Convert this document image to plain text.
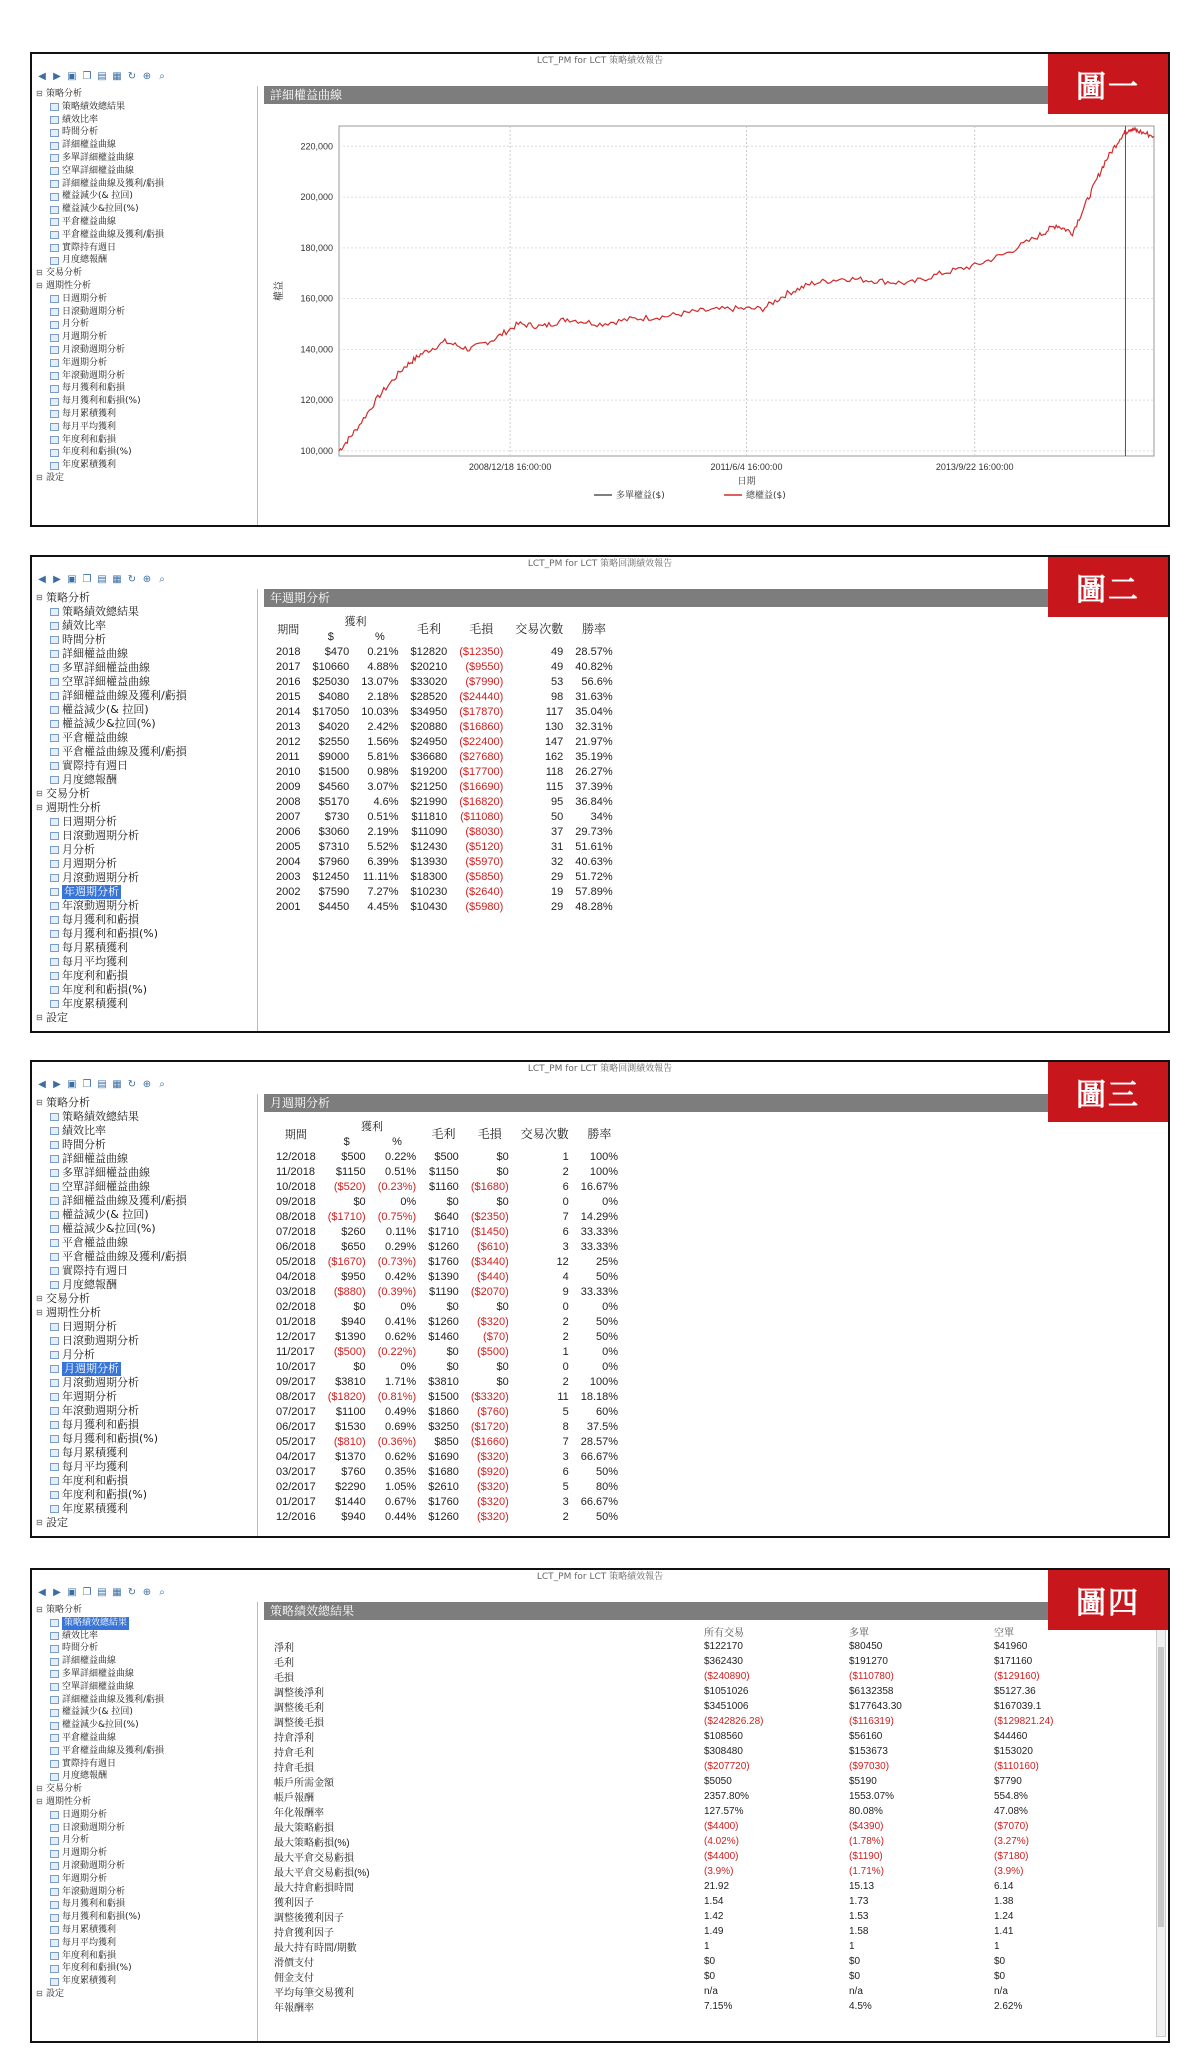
LCT_PM for LCT 策略績效報告
圖一
◀ ▶ ▣ ❐ ▤ ▦ ↻ ⊕ ⌕
⊟ 策略分析
策略績效總結果
績效比率
時間分析
詳細權益曲線
多單詳細權益曲線
空單詳細權益曲線
詳細權益曲線及獲利/虧損
權益減少(& 拉回)
權益減少&拉回(%)
平倉權益曲線
平倉權益曲線及獲利/虧損
實際持有週日
月度總報酬
⊟ 交易分析
⊟ 週期性分析
日週期分析
日滾動週期分析
月分析
月週期分析
月滾動週期分析
年週期分析
年滾動週期分析
每月獲利和虧損
每月獲利和虧損(%)
每月累積獲利
每月平均獲利
年度利和虧損
年度利和虧損(%)
年度累積獲利
⊟ 設定
詳細權益曲線
100,000
120,000
140,000
160,000
180,000
200,000
220,000
2008/12/18 16:00:00	2011/6/4 16:00:00	2013/9/22 16:00:00
權益
日期
多單權益($)	總權益($)
LCT_PM for LCT 策略回測績效報告
圖二
◀ ▶ ▣ ❐ ▤ ▦ ↻ ⊕ ⌕
⊟ 策略分析
策略績效總結果
績效比率
時間分析
詳細權益曲線
多單詳細權益曲線
空單詳細權益曲線
詳細權益曲線及獲利/虧損
權益減少(& 拉回)
權益減少&拉回(%)
平倉權益曲線
平倉權益曲線及獲利/虧損
實際持有週日
月度總報酬
⊟ 交易分析
⊟ 週期性分析
日週期分析
日滾動週期分析
月分析
月週期分析
月滾動週期分析
年週期分析
年滾動週期分析
每月獲利和虧損
每月獲利和虧損(%)
每月累積獲利
每月平均獲利
年度利和虧損
年度利和虧損(%)
年度累積獲利
⊟ 設定
年週期分析
期間	獲利		毛利	毛損	交易次數	勝率
	$	%				
2018	$470	0.21%	$12820	($12350)	49	28.57%
2017	$10660	4.88%	$20210	($9550)	49	40.82%
2016	$25030	13.07%	$33020	($7990)	53	56.6%
2015	$4080	2.18%	$28520	($24440)	98	31.63%
2014	$17050	10.03%	$34950	($17870)	117	35.04%
2013	$4020	2.42%	$20880	($16860)	130	32.31%
2012	$2550	1.56%	$24950	($22400)	147	21.97%
2011	$9000	5.81%	$36680	($27680)	162	35.19%
2010	$1500	0.98%	$19200	($17700)	118	26.27%
2009	$4560	3.07%	$21250	($16690)	115	37.39%
2008	$5170	4.6%	$21990	($16820)	95	36.84%
2007	$730	0.51%	$11810	($11080)	50	34%
2006	$3060	2.19%	$11090	($8030)	37	29.73%
2005	$7310	5.52%	$12430	($5120)	31	51.61%
2004	$7960	6.39%	$13930	($5970)	32	40.63%
2003	$12450	11.11%	$18300	($5850)	29	51.72%
2002	$7590	7.27%	$10230	($2640)	19	57.89%
2001	$4450	4.45%	$10430	($5980)	29	48.28%
LCT_PM for LCT 策略回測績效報告
圖三
◀ ▶ ▣ ❐ ▤ ▦ ↻ ⊕ ⌕
⊟ 策略分析
策略績效總結果
績效比率
時間分析
詳細權益曲線
多單詳細權益曲線
空單詳細權益曲線
詳細權益曲線及獲利/虧損
權益減少(& 拉回)
權益減少&拉回(%)
平倉權益曲線
平倉權益曲線及獲利/虧損
實際持有週日
月度總報酬
⊟ 交易分析
⊟ 週期性分析
日週期分析
日滾動週期分析
月分析
月週期分析
月滾動週期分析
年週期分析
年滾動週期分析
每月獲利和虧損
每月獲利和虧損(%)
每月累積獲利
每月平均獲利
年度利和虧損
年度利和虧損(%)
年度累積獲利
⊟ 設定
月週期分析
期間	獲利		毛利	毛損	交易次數	勝率
	$	%				
12/2018	$500	0.22%	$500	$0	1	100%
11/2018	$1150	0.51%	$1150	$0	2	100%
10/2018	($520)	(0.23%)	$1160	($1680)	6	16.67%
09/2018	$0	0%	$0	$0	0	0%
08/2018	($1710)	(0.75%)	$640	($2350)	7	14.29%
07/2018	$260	0.11%	$1710	($1450)	6	33.33%
06/2018	$650	0.29%	$1260	($610)	3	33.33%
05/2018	($1670)	(0.73%)	$1760	($3440)	12	25%
04/2018	$950	0.42%	$1390	($440)	4	50%
03/2018	($880)	(0.39%)	$1190	($2070)	9	33.33%
02/2018	$0	0%	$0	$0	0	0%
01/2018	$940	0.41%	$1260	($320)	2	50%
12/2017	$1390	0.62%	$1460	($70)	2	50%
11/2017	($500)	(0.22%)	$0	($500)	1	0%
10/2017	$0	0%	$0	$0	0	0%
09/2017	$3810	1.71%	$3810	$0	2	100%
08/2017	($1820)	(0.81%)	$1500	($3320)	11	18.18%
07/2017	$1100	0.49%	$1860	($760)	5	60%
06/2017	$1530	0.69%	$3250	($1720)	8	37.5%
05/2017	($810)	(0.36%)	$850	($1660)	7	28.57%
04/2017	$1370	0.62%	$1690	($320)	3	66.67%
03/2017	$760	0.35%	$1680	($920)	6	50%
02/2017	$2290	1.05%	$2610	($320)	5	80%
01/2017	$1440	0.67%	$1760	($320)	3	66.67%
12/2016	$940	0.44%	$1260	($320)	2	50%
LCT_PM for LCT 策略績效報告
圖四
◀ ▶ ▣ ❐ ▤ ▦ ↻ ⊕ ⌕
⊟ 策略分析
策略績效總結果
績效比率
時間分析
詳細權益曲線
多單詳細權益曲線
空單詳細權益曲線
詳細權益曲線及獲利/虧損
權益減少(& 拉回)
權益減少&拉回(%)
平倉權益曲線
平倉權益曲線及獲利/虧損
實際持有週日
月度總報酬
⊟ 交易分析
⊟ 週期性分析
日週期分析
日滾動週期分析
月分析
月週期分析
月滾動週期分析
年週期分析
年滾動週期分析
每月獲利和虧損
每月獲利和虧損(%)
每月累積獲利
每月平均獲利
年度利和虧損
年度利和虧損(%)
年度累積獲利
⊟ 設定
策略績效總結果
	所有交易	多單	空單
淨利	$122170	$80450	$41960
毛利	$362430	$191270	$171160
毛損	($240890)	($110780)	($129160)
調整後淨利	$1051026	$6132358	$5127.36
調整後毛利	$3451006	$177643.30	$167039.1
調整後毛損	($242826.28)	($116319)	($129821.24)
持倉淨利	$108560	$56160	$44460
持倉毛利	$308480	$153673	$153020
持倉毛損	($207720)	($97030)	($110160)
帳戶所需金額	$5050	$5190	$7790
帳戶報酬	2357.80%	1553.07%	554.8%
年化報酬率	127.57%	80.08%	47.08%
最大策略虧損	($4400)	($4390)	($7070)
最大策略虧損(%)	(4.02%)	(1.78%)	(3.27%)
最大平倉交易虧損	($4400)	($1190)	($7180)
最大平倉交易虧損(%)	(3.9%)	(1.71%)	(3.9%)
最大持倉虧損時間	21.92	15.13	6.14
獲利因子	1.54	1.73	1.38
調整後獲利因子	1.42	1.53	1.24
持倉獲利因子	1.49	1.58	1.41
最大持有時間/期數	1	1	1
滑價支付	$0	$0	$0
佣金支付	$0	$0	$0
平均每筆交易獲利	n/a	n/a	n/a
年報酬率	7.15%	4.5%	2.62%
